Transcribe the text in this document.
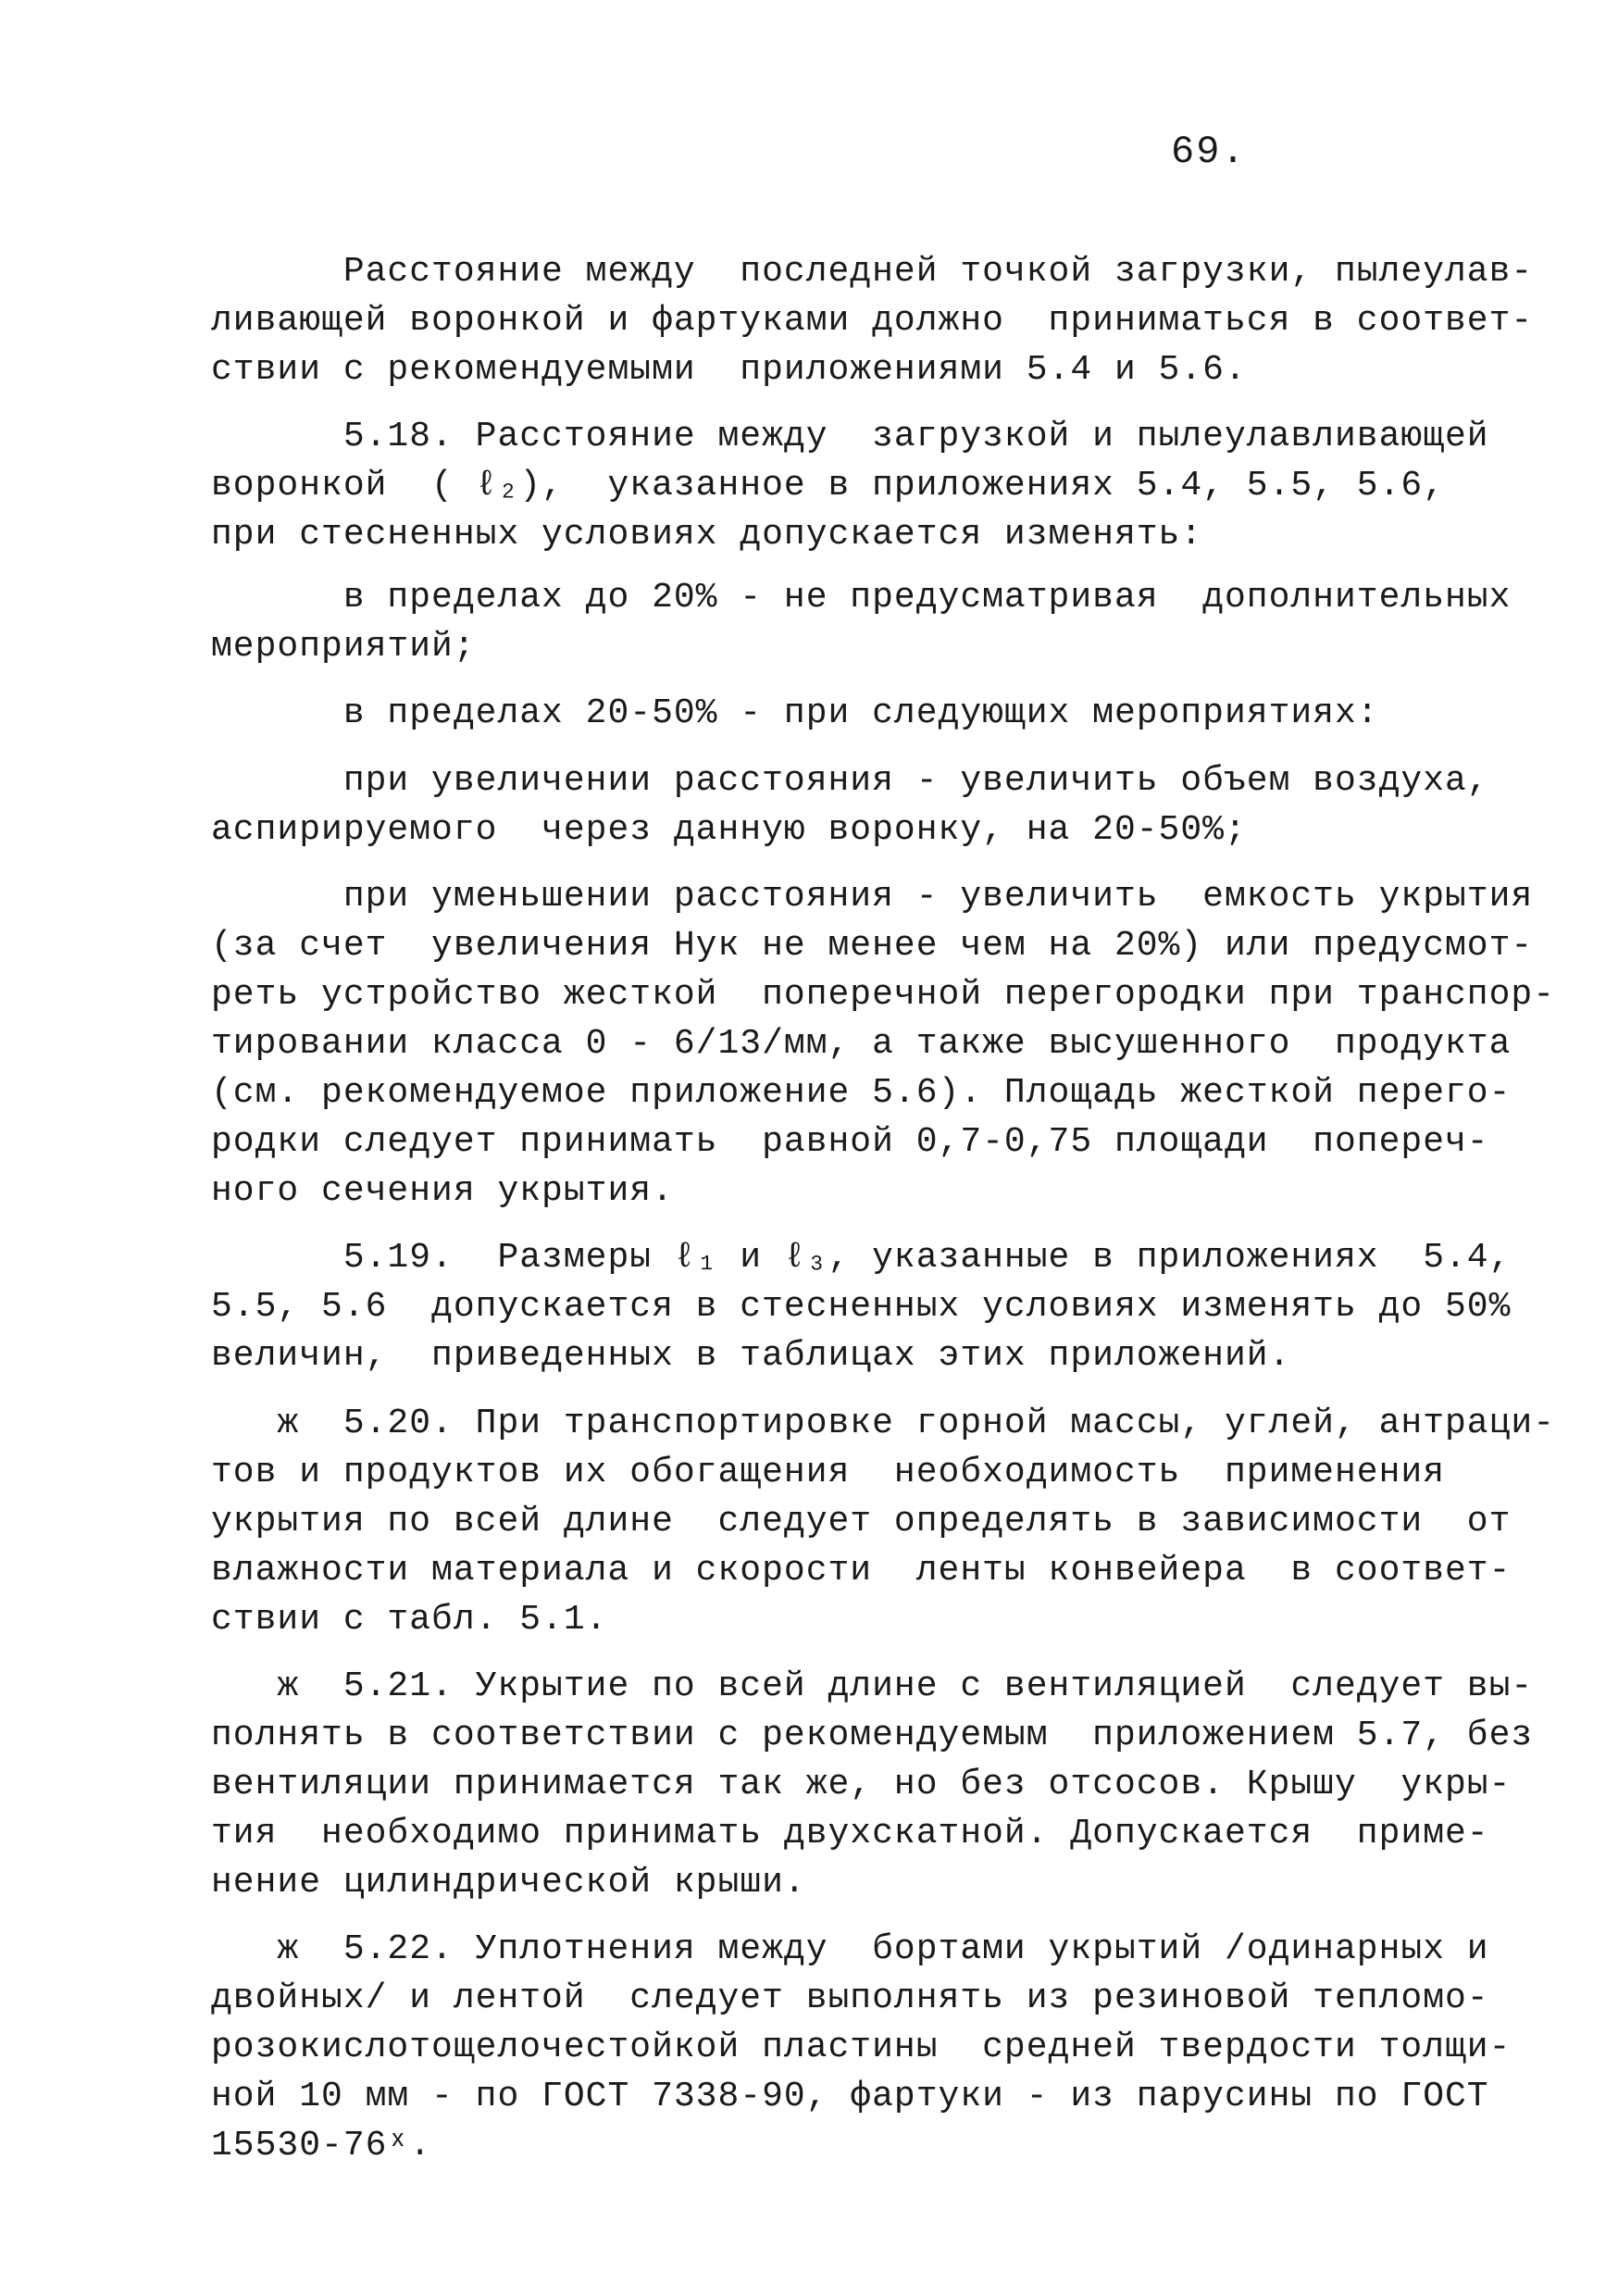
69.
Расстояние между  последней точкой загрузки, пылеулав-
ливающей воронкой и фартуками должно  приниматься в соответ-
ствии с рекомендуемыми  приложениями 5.4 и 5.6.
5.18. Расстояние между  загрузкой и пылеулавливающей
воронкой  ( ℓ₂),  указанное в приложениях 5.4, 5.5, 5.6,
при стесненных условиях допускается изменять:
в пределах до 20% - не предусматривая  дополнительных
мероприятий;
в пределах 20-50% - при следующих мероприятиях:
при увеличении расстояния - увеличить объем воздуха,
аспирируемого  через данную воронку, на 20-50%;
при уменьшении расстояния - увеличить  емкость укрытия
(за счет  увеличения Hук не менее чем на 20%) или предусмот-
реть устройство жесткой  поперечной перегородки при транспор-
тировании класса 0 - 6/13/мм, а также высушенного  продукта
(см. рекомендуемое приложение 5.6). Площадь жесткой перего-
родки следует принимать  равной 0,7-0,75 площади  попереч-
ного сечения укрытия.
5.19.  Размеры ℓ₁ и ℓ₃, указанные в приложениях  5.4,
5.5, 5.6  допускается в стесненных условиях изменять до 50%
величин,  приведенных в таблицах этих приложений.
ж  5.20. При транспортировке горной массы, углей, антраци-
тов и продуктов их обогащения  необходимость  применения
укрытия по всей длине  следует определять в зависимости  от
влажности материала и скорости  ленты конвейера  в соответ-
ствии с табл. 5.1.
ж  5.21. Укрытие по всей длине с вентиляцией  следует вы-
полнять в соответствии с рекомендуемым  приложением 5.7, без
вентиляции принимается так же, но без отсосов. Крышу  укры-
тия  необходимо принимать двухскатной. Допускается  приме-
нение цилиндрической крыши.
ж  5.22. Уплотнения между  бортами укрытий /одинарных и
двойных/ и лентой  следует выполнять из резиновой тепломо-
розокислотощелочестойкой пластины  средней твердости толщи-
ной 10 мм - по ГОСТ 7338-90, фартуки - из парусины по ГОСТ
15530-76ˣ.
